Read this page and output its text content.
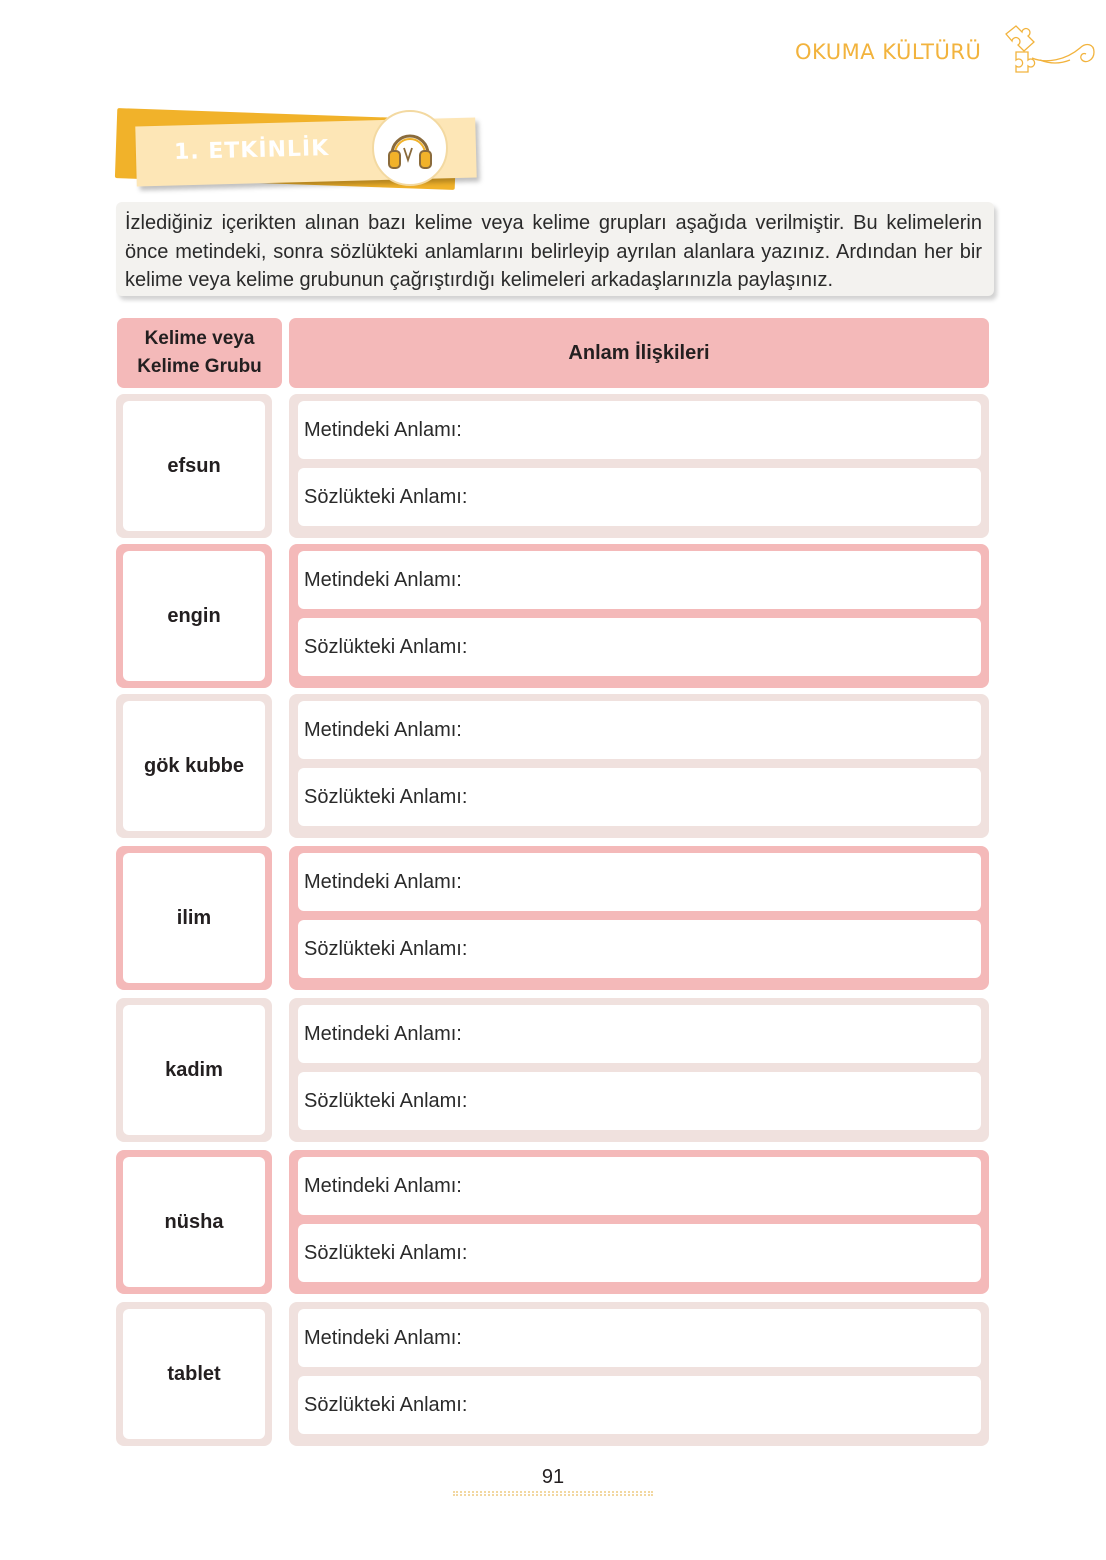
OKUMA KÜLTÜRÜ
1. ETKİNLİK
İzlediğiniz içerikten alınan bazı kelime veya kelime grupları aşağıda verilmiştir. Bu kelimelerin önce metindeki, sonra sözlükteki anlamlarını belirleyip ayrılan alanlara yazınız. Ardından her bir kelime veya kelime grubunun çağrıştırdığı kelimeleri arkadaşlarınızla paylaşınız.
Kelime veya
Kelime Grubu
Anlam İlişkileri
efsun
Metindeki Anlamı:
Sözlükteki Anlamı:
engin
Metindeki Anlamı:
Sözlükteki Anlamı:
gök kubbe
Metindeki Anlamı:
Sözlükteki Anlamı:
ilim
Metindeki Anlamı:
Sözlükteki Anlamı:
kadim
Metindeki Anlamı:
Sözlükteki Anlamı:
nüsha
Metindeki Anlamı:
Sözlükteki Anlamı:
tablet
Metindeki Anlamı:
Sözlükteki Anlamı:
91
